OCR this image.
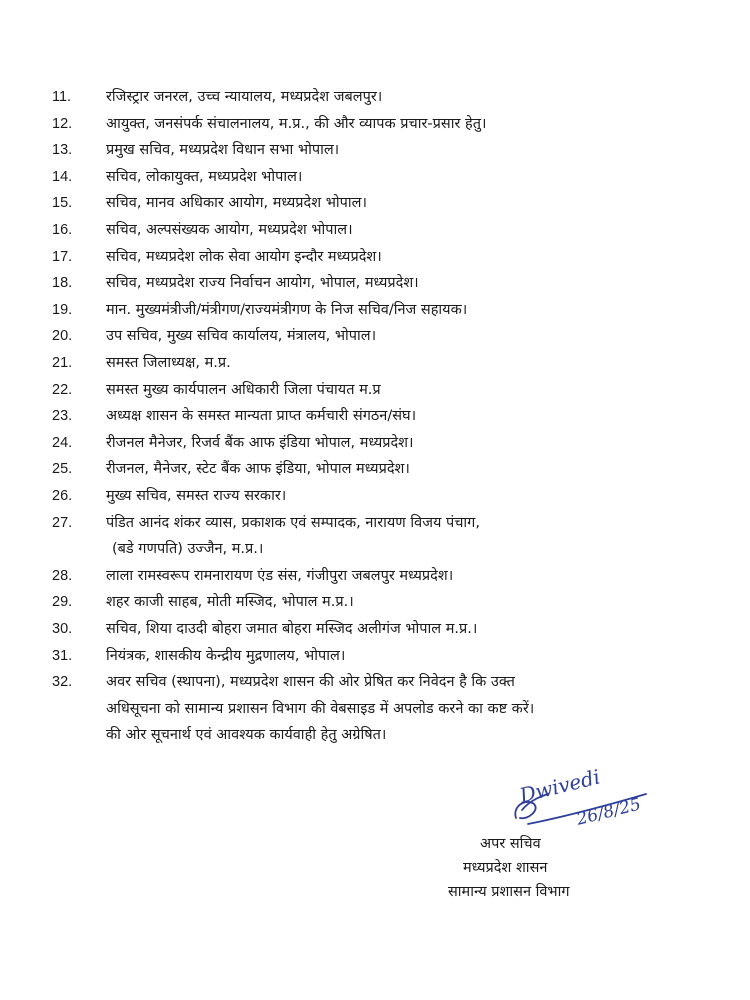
11.	रजिस्ट्रार जनरल, उच्च न्यायालय, मध्यप्रदेश जबलपुर।
12.	आयुक्त, जनसंपर्क संचालनालय, म.प्र., की और व्यापक प्रचार-प्रसार हेतु।
13.	प्रमुख सचिव, मध्यप्रदेश विधान सभा भोपाल।
14.	सचिव, लोकायुक्त, मध्यप्रदेश भोपाल।
15.	सचिव, मानव अधिकार आयोग, मध्यप्रदेश भोपाल।
16.	सचिव, अल्पसंख्यक आयोग, मध्यप्रदेश भोपाल।
17.	सचिव, मध्यप्रदेश लोक सेवा आयोग इन्दौर मध्यप्रदेश।
18.	सचिव, मध्यप्रदेश राज्य निर्वाचन आयोग, भोपाल, मध्यप्रदेश।
19.	मान. मुख्यमंत्रीजी/मंत्रीगण/राज्यमंत्रीगण के निज सचिव/निज सहायक।
20.	उप सचिव, मुख्य सचिव कार्यालय, मंत्रालय, भोपाल।
21.	समस्त जिलाध्यक्ष, म.प्र.
22.	समस्त मुख्य कार्यपालन अधिकारी जिला पंचायत म.प्र
23.	अध्यक्ष शासन के समस्त मान्यता प्राप्त कर्मचारी संगठन/संघ।
24.	रीजनल मैनेजर, रिजर्व बैंक आफ इंडिया भोपाल, मध्यप्रदेश।
25.	रीजनल, मैनेजर, स्टेट बैंक आफ इंडिया, भोपाल मध्यप्रदेश।
26.	मुख्य सचिव, समस्त राज्य सरकार।
27.	पंडित आनंद शंकर व्यास, प्रकाशक एवं सम्पादक, नारायण विजय पंचाग,
(बडे गणपति) उज्जैन, म.प्र.।
28.	लाला रामस्वरूप रामनारायण एंड संस, गंजीपुरा जबलपुर मध्यप्रदेश।
29.	शहर काजी साहब, मोती मस्जिद, भोपाल म.प्र.।
30.	सचिव, शिया दाउदी बोहरा जमात बोहरा मस्जिद अलीगंज भोपाल म.प्र.।
31.	नियंत्रक, शासकीय केन्द्रीय मुद्रणालय, भोपाल।
32.	अवर सचिव (स्थापना), मध्यप्रदेश शासन की ओर प्रेषित कर निवेदन है कि उक्त
अधिसूचना को सामान्य प्रशासन विभाग की वेबसाइड में अपलोड करने का कष्ट करें।
की ओर सूचनार्थ एवं आवश्यक कार्यवाही हेतु अग्रेषित।
Dwivedi
26/8/25
अपर सचिव
मध्यप्रदेश शासन
सामान्य प्रशासन विभाग
